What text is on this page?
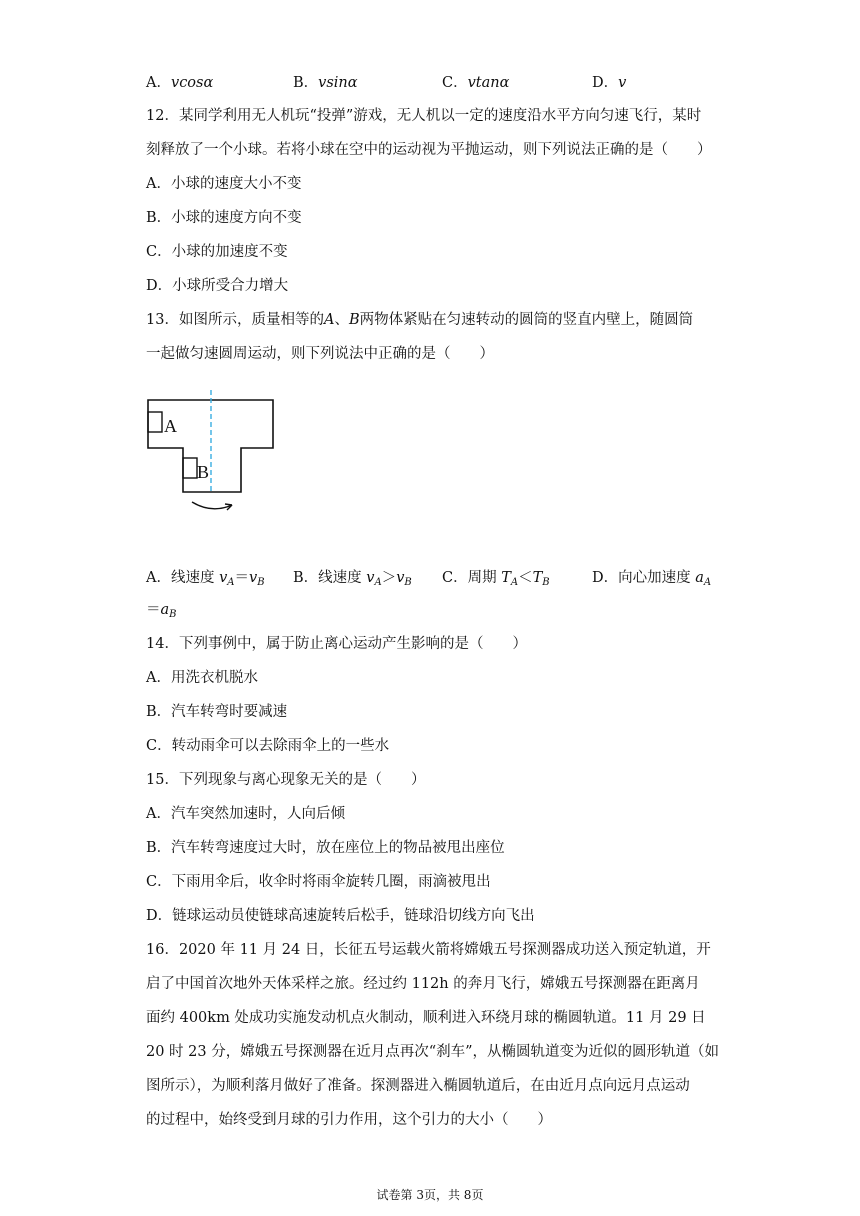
A．vcosα	B．vsinα	C．vtanα	D．v
12．某同学利用无人机玩“投弹”游戏，无人机以一定的速度沿水平方向匀速飞行，某时
刻释放了一个小球。若将小球在空中的运动视为平抛运动，则下列说法正确的是（　　）
A．小球的速度大小不变
B．小球的速度方向不变
C．小球的加速度不变
D．小球所受合力增大
13．如图所示，质量相等的A、B两物体紧贴在匀速转动的圆筒的竖直内壁上，随圆筒
一起做匀速圆周运动，则下列说法中正确的是（　　）
A
B
A．线速度 $v_A=v_B$ B．线速度 $v_A>v_B$ C．周期 $T_A<T_B$	D．向心加速度 $a_A$
$=a_B$
14．下列事例中，属于防止离心运动产生影响的是（　　）
A．用洗衣机脱水
B．汽车转弯时要减速
C．转动雨伞可以去除雨伞上的一些水
15．下列现象与离心现象无关的是（　　）
A．汽车突然加速时，人向后倾
B．汽车转弯速度过大时，放在座位上的物品被甩出座位
C．下雨用伞后，收伞时将雨伞旋转几圈，雨滴被甩出
D．链球运动员使链球高速旋转后松手，链球沿切线方向飞出
16．2020 年 11 月 24 日，长征五号运载火箭将嫦娥五号探测器成功送入预定轨道，开
启了中国首次地外天体采样之旅。经过约 112h 的奔月飞行，嫦娥五号探测器在距离月
面约 400km 处成功实施发动机点火制动，顺利进入环绕月球的椭圆轨道。11 月 29 日
20 时 23 分，嫦娥五号探测器在近月点再次“刹车”，从椭圆轨道变为近似的圆形轨道（如
图所示），为顺利落月做好了准备。探测器进入椭圆轨道后，在由近月点向远月点运动
的过程中，始终受到月球的引力作用，这个引力的大小（　　）
试卷第 3页，共 8页
